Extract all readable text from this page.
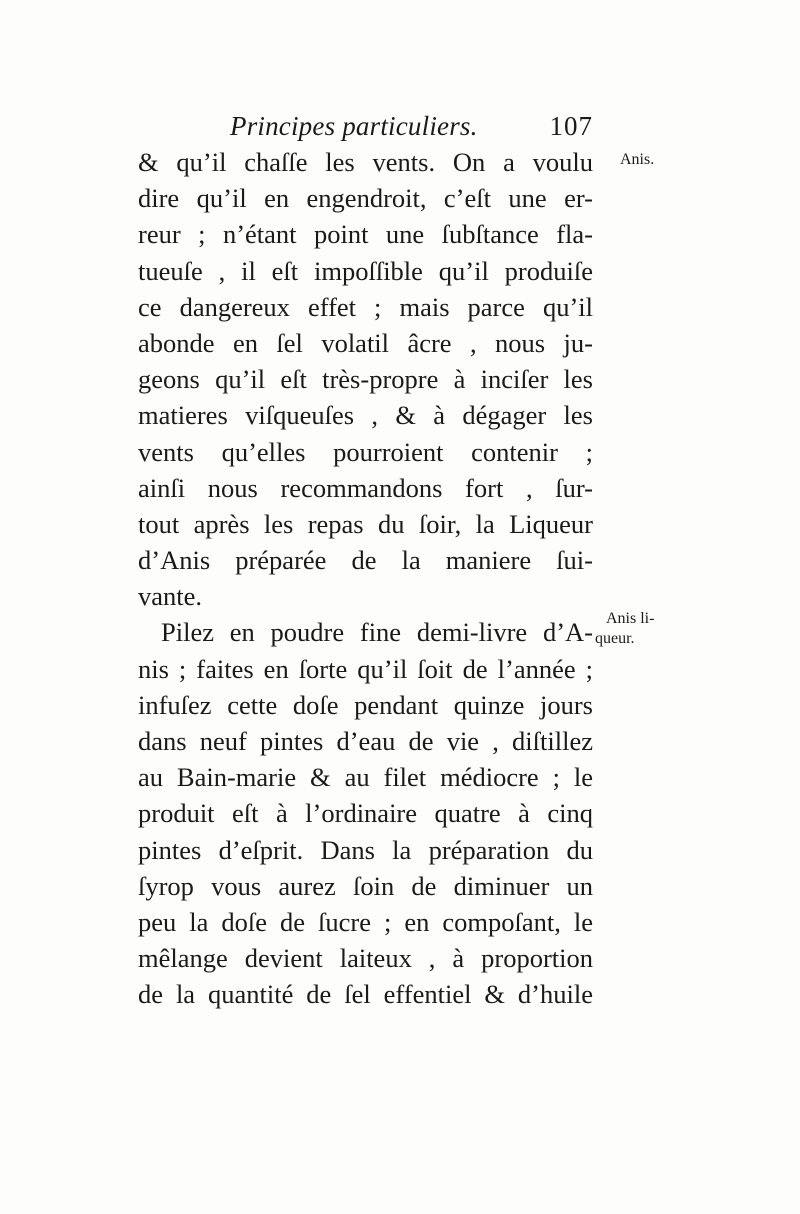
Principes particuliers.	107
Anis.
Anis li-
queur.
& qu’il chaſſe les vents. On a voulu
dire qu’il en engendroit, c’eſt une er-
reur ; n’étant point une ſubſtance fla-
tueuſe , il eſt impoſſible qu’il produiſe
ce dangereux effet ; mais parce qu’il
abonde en ſel volatil âcre , nous ju-
geons qu’il eſt très-propre à inciſer les
matieres viſqueuſes , & à dégager les
vents qu’elles pourroient contenir ;
ainſi nous recommandons fort , ſur-
tout après les repas du ſoir, la Liqueur
d’Anis préparée de la maniere ſui-
vante.
Pilez en poudre fine demi-livre d’A-
nis ; faites en ſorte qu’il ſoit de l’année ;
infuſez cette doſe pendant quinze jours
dans neuf pintes d’eau de vie , diſtillez
au Bain-marie & au filet médiocre ; le
produit eſt à l’ordinaire quatre à cinq
pintes d’eſprit. Dans la préparation du
ſyrop vous aurez ſoin de diminuer un
peu la doſe de ſucre ; en compoſant, le
mêlange devient laiteux , à proportion
de la quantité de ſel effentiel & d’huile
